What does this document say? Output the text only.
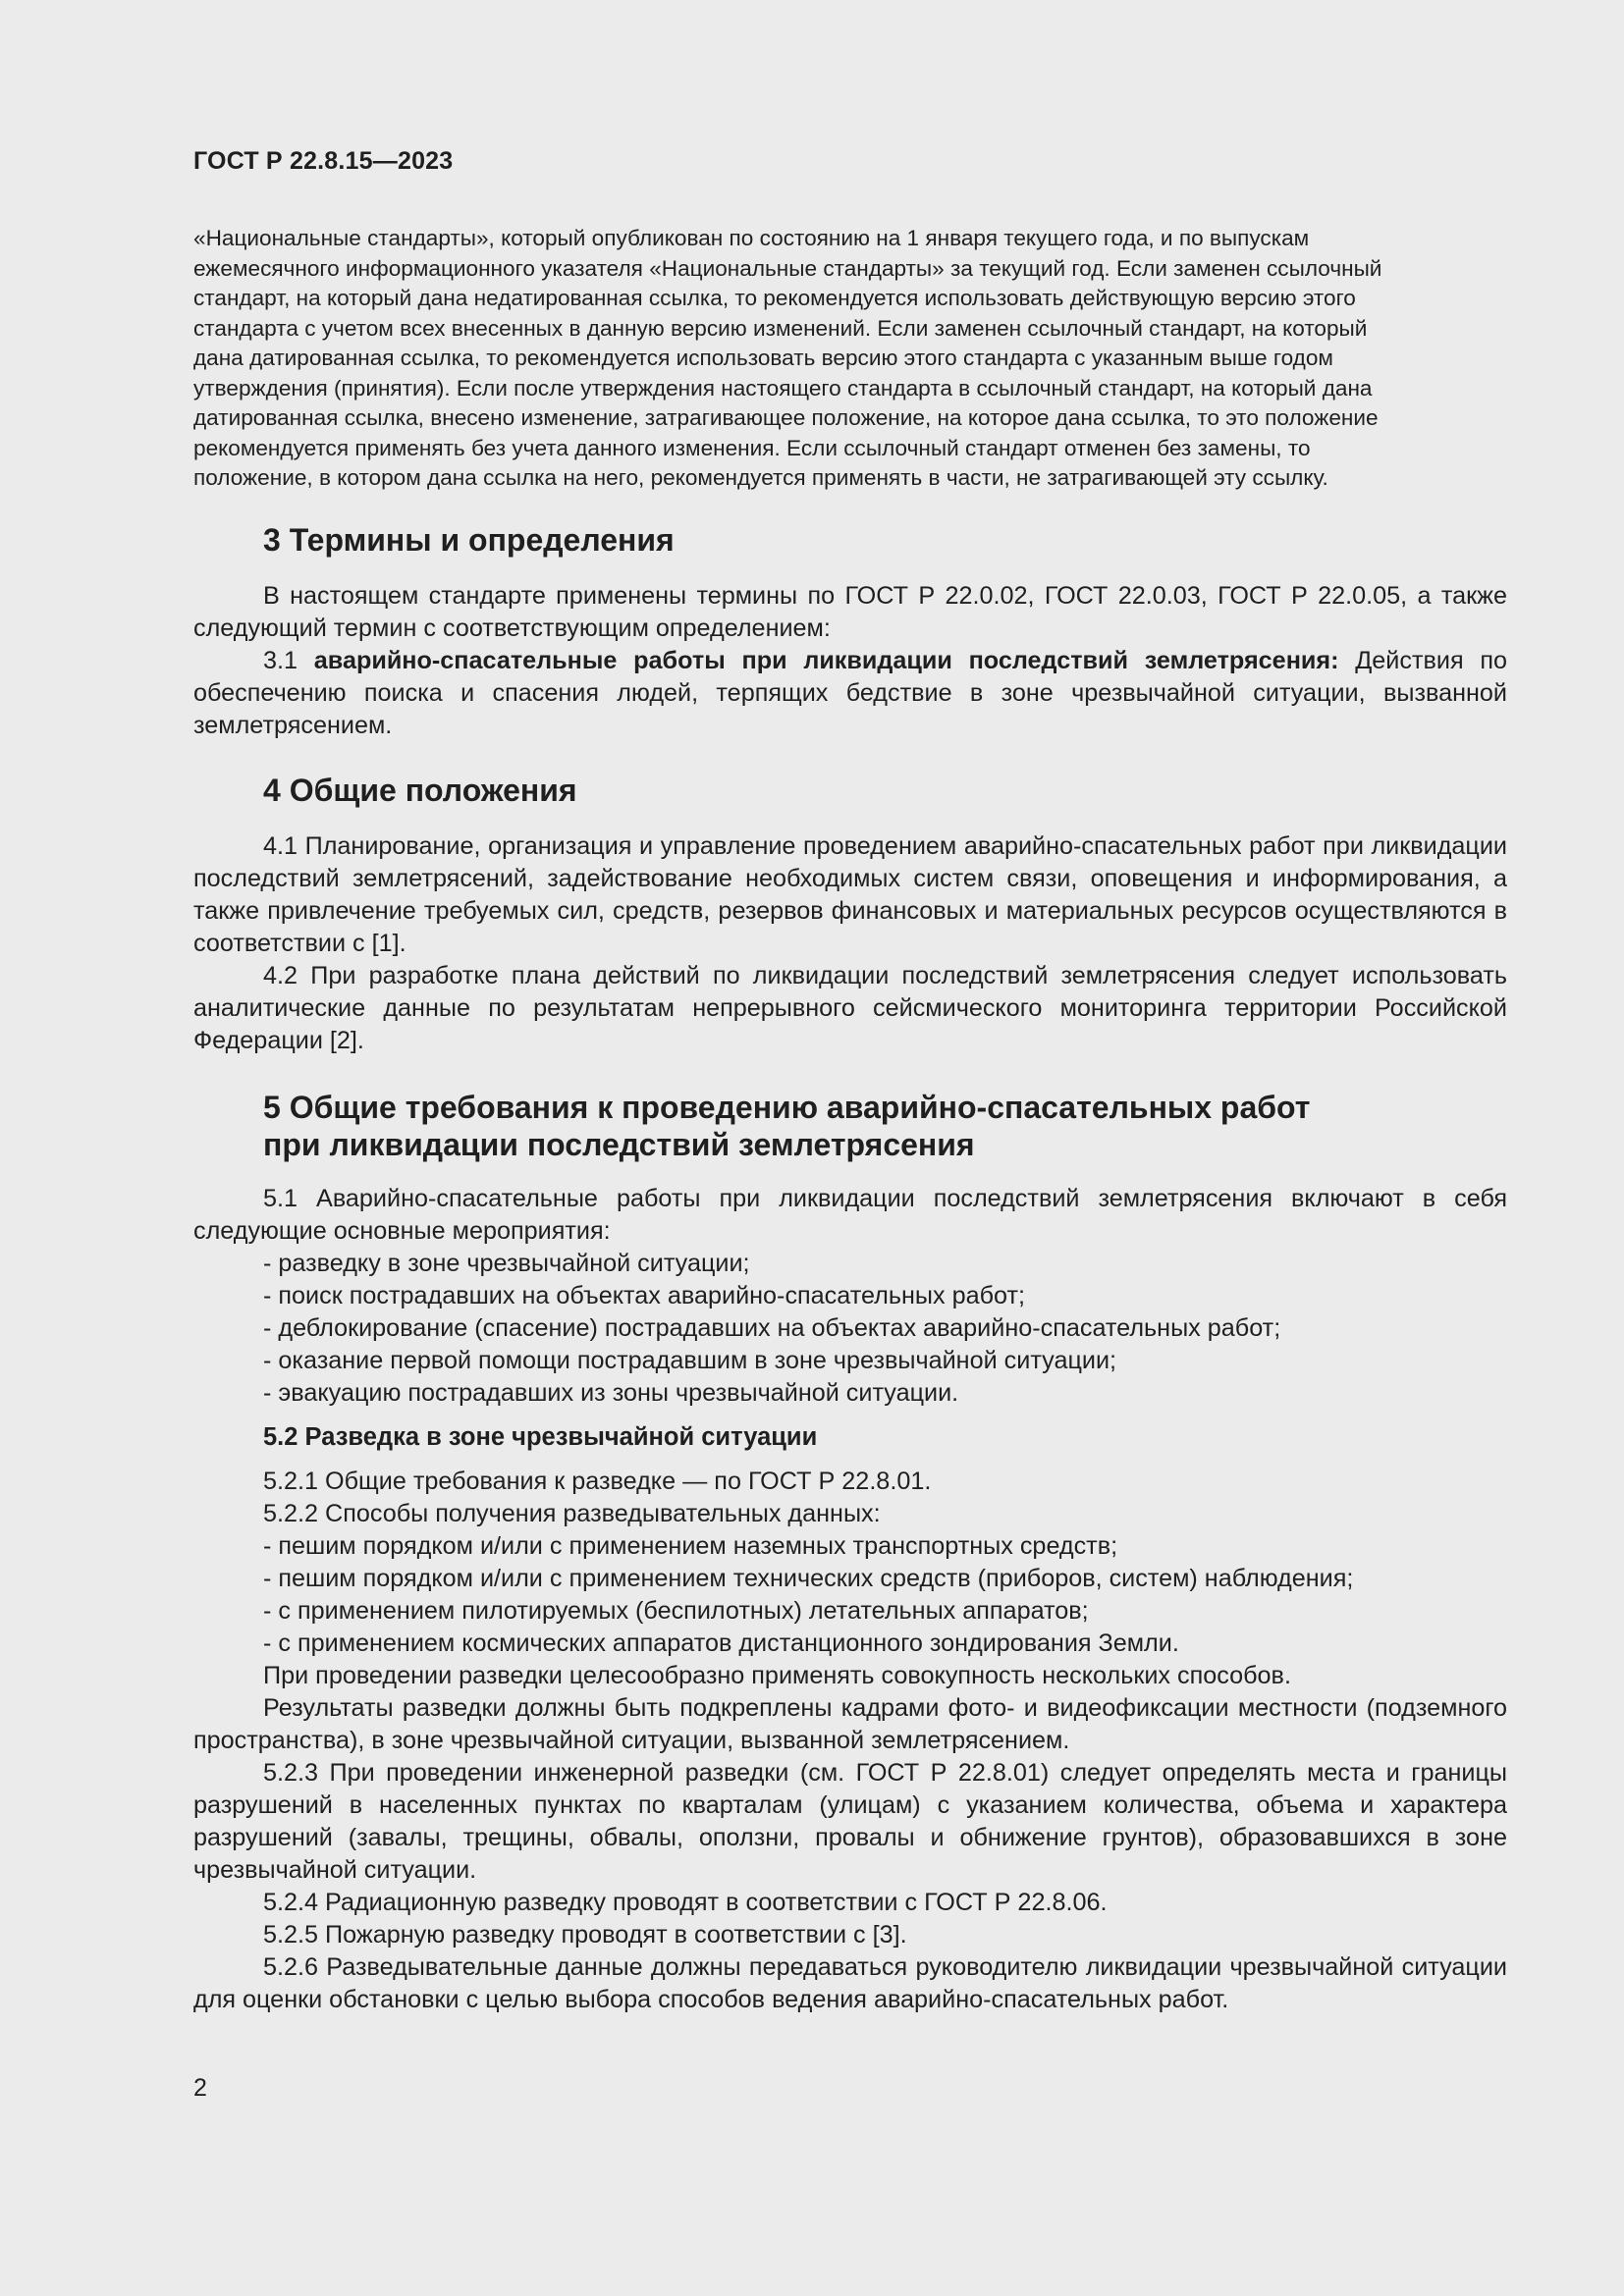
ГОСТ Р 22.8.15—2023

«Национальные стандарты», который опубликован по состоянию на 1 января текущего года, и по выпускам

ежемесячного информационного указателя «Национальные стандарты» за текущий год. Если заменен ссылочный

стандарт, на который дана недатированная ссылка, то рекомендуется использовать действующую версию этого

стандарта с учетом всех внесенных в данную версию изменений. Если заменен ссылочный стандарт, на который

дана датированная ссылка, то рекомендуется использовать версию этого стандарта с указанным выше годом

утверждения (принятия). Если после утверждения настоящего стандарта в ссылочный стандарт, на который дана

датированная ссылка, внесено изменение, затрагивающее положение, на которое дана ссылка, то это положение

рекомендуется применять без учета данного изменения. Если ссылочный стандарт отменен без замены, то

положение, в котором дана ссылка на него, рекомендуется применять в части, не затрагивающей эту ссылку.

3 Термины и определения

В настоящем стандарте применены термины по ГОСТ Р 22.0.02, ГОСТ 22.0.03, ГОСТ Р 22.0.05, а также следующий термин с соответствующим определением:

3.1 аварийно-спасательные работы при ликвидации последствий землетрясения: Действия по обеспечению поиска и спасения людей, терпящих бедствие в зоне чрезвычайной ситуации, вызванной землетрясением.

4 Общие положения

4.1 Планирование, организация и управление проведением аварийно-спасательных работ при ликвидации последствий землетрясений, задействование необходимых систем связи, оповещения и информирования, а также привлечение требуемых сил, средств, резервов финансовых и материальных ресурсов осуществляются в соответствии с [1].

4.2 При разработке плана действий по ликвидации последствий землетрясения следует использовать аналитические данные по результатам непрерывного сейсмического мониторинга территории Российской Федерации [2].

5 Общие требования к проведению аварийно-спасательных работ
при ликвидации последствий землетрясения

5.1 Аварийно-спасательные работы при ликвидации последствий землетрясения включают в себя следующие основные мероприятия:

- разведку в зоне чрезвычайной ситуации;

- поиск пострадавших на объектах аварийно-спасательных работ;

- деблокирование (спасение) пострадавших на объектах аварийно-спасательных работ;

- оказание первой помощи пострадавшим в зоне чрезвычайной ситуации;

- эвакуацию пострадавших из зоны чрезвычайной ситуации.

5.2 Разведка в зоне чрезвычайной ситуации

5.2.1 Общие требования к разведке — по ГОСТ Р 22.8.01.

5.2.2 Способы получения разведывательных данных:

- пешим порядком и/или с применением наземных транспортных средств;

- пешим порядком и/или с применением технических средств (приборов, систем) наблюдения;

- с применением пилотируемых (беспилотных) летательных аппаратов;

- с применением космических аппаратов дистанционного зондирования Земли.

При проведении разведки целесообразно применять совокупность нескольких способов.

Результаты разведки должны быть подкреплены кадрами фото- и видеофиксации местности (подземного пространства), в зоне чрезвычайной ситуации, вызванной землетрясением.

5.2.3 При проведении инженерной разведки (см. ГОСТ Р 22.8.01) следует определять места и границы разрушений в населенных пунктах по кварталам (улицам) с указанием количества, объема и характера разрушений (завалы, трещины, обвалы, оползни, провалы и обнижение грунтов), образовавшихся в зоне чрезвычайной ситуации.

5.2.4 Радиационную разведку проводят в соответствии с ГОСТ Р 22.8.06.

5.2.5 Пожарную разведку проводят в соответствии с [3].

5.2.6 Разведывательные данные должны передаваться руководителю ликвидации чрезвычайной ситуации для оценки обстановки с целью выбора способов ведения аварийно-спасательных работ.

2
